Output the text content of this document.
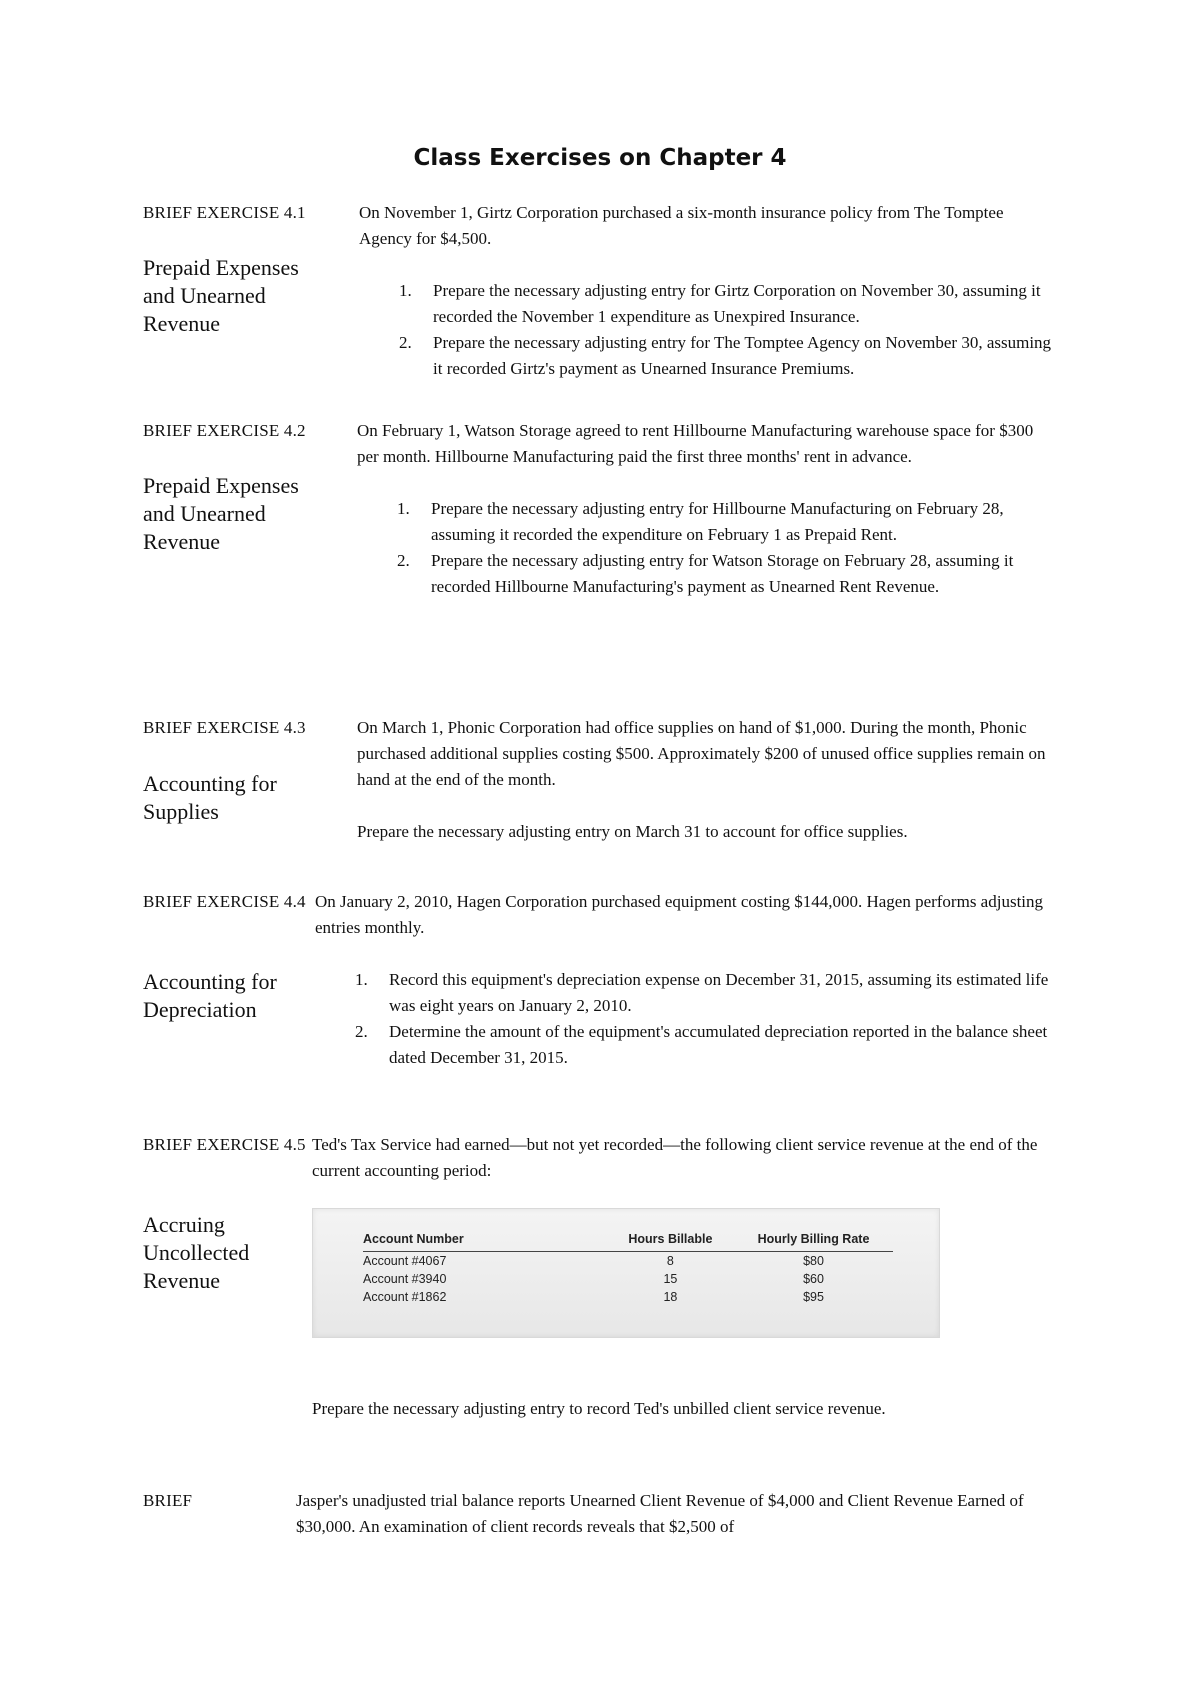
Class Exercises on Chapter 4
BRIEF EXERCISE 4.1
Prepaid Expenses and Unearned Revenue

On November 1, Girtz Corporation purchased a six-month insurance policy from The Tomptee Agency for $4,500.

1. Prepare the necessary adjusting entry for Girtz Corporation on November 30, assuming it recorded the November 1 expenditure as Unexpired Insurance.
2. Prepare the necessary adjusting entry for The Tomptee Agency on November 30, assuming it recorded Girtz's payment as Unearned Insurance Premiums.
BRIEF EXERCISE 4.2
Prepaid Expenses and Unearned Revenue

On February 1, Watson Storage agreed to rent Hillbourne Manufacturing warehouse space for $300 per month. Hillbourne Manufacturing paid the first three months' rent in advance.

1. Prepare the necessary adjusting entry for Hillbourne Manufacturing on February 28, assuming it recorded the expenditure on February 1 as Prepaid Rent.
2. Prepare the necessary adjusting entry for Watson Storage on February 28, assuming it recorded Hillbourne Manufacturing's payment as Unearned Rent Revenue.
BRIEF EXERCISE 4.3
Accounting for Supplies

On March 1, Phonic Corporation had office supplies on hand of $1,000. During the month, Phonic purchased additional supplies costing $500. Approximately $200 of unused office supplies remain on hand at the end of the month.

Prepare the necessary adjusting entry on March 31 to account for office supplies.

BRIEF EXERCISE 4.4
Accounting for Depreciation

On January 2, 2010, Hagen Corporation purchased equipment costing $144,000. Hagen performs adjusting entries monthly.

1. Record this equipment's depreciation expense on December 31, 2015, assuming its estimated life was eight years on January 2, 2010.
2. Determine the amount of the equipment's accumulated depreciation reported in the balance sheet dated December 31, 2015.
BRIEF EXERCISE 4.5
Accruing Uncollected Revenue

Ted's Tax Service had earned—but not yet recorded—the following client service revenue at the end of the current accounting period:

Account Number	Hours Billable	Hourly Billing Rate
Account #4067	8	$80
Account #3940	15	$60
Account #1862	18	$95
Prepare the necessary adjusting entry to record Ted's unbilled client service revenue.
BRIEF	Jasper's unadjusted trial balance reports Unearned Client Revenue of $4,000 and Client Revenue Earned of $30,000. An examination of client records reveals that $2,500 of
